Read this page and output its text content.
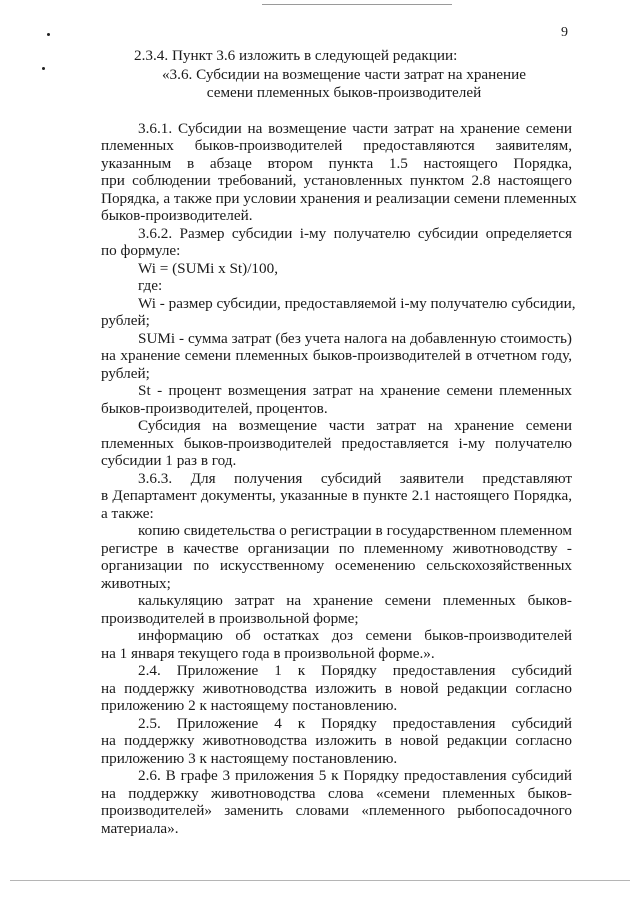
9
2.3.4. Пункт 3.6 изложить в следующей редакции:
«3.6. Субсидии на возмещение части затрат на хранение
семени племенных быков-производителей
3.6.1. Субсидии на возмещение части затрат на хранение семени
племенных быков-производителей предоставляются заявителям,
указанным в абзаце втором пункта 1.5 настоящего Порядка,
при соблюдении требований, установленных пунктом 2.8 настоящего
Порядка, а также при условии хранения и реализации семени племенных
быков-производителей.
3.6.2. Размер субсидии i-му получателю субсидии определяется
по формуле:
Wi = (SUMi x St)/100,
где:
Wi - размер субсидии, предоставляемой i-му получателю субсидии,
рублей;
SUMi - сумма затрат (без учета налога на добавленную стоимость)
на хранение семени племенных быков-производителей в отчетном году,
рублей;
St - процент возмещения затрат на хранение семени племенных
быков-производителей, процентов.
Субсидия на возмещение части затрат на хранение семени
племенных быков-производителей предоставляется i-му получателю
субсидии 1 раз в год.
3.6.3. Для получения субсидий заявители представляют
в Департамент документы, указанные в пункте 2.1 настоящего Порядка,
а также:
копию свидетельства о регистрации в государственном племенном
регистре в качестве организации по племенному животноводству -
организации по искусственному осеменению сельскохозяйственных
животных;
калькуляцию затрат на хранение семени племенных быков-
производителей в произвольной форме;
информацию об остатках доз семени быков-производителей
на 1 января текущего года в произвольной форме.».
2.4. Приложение 1 к Порядку предоставления субсидий
на поддержку животноводства изложить в новой редакции согласно
приложению 2 к настоящему постановлению.
2.5. Приложение 4 к Порядку предоставления субсидий
на поддержку животноводства изложить в новой редакции согласно
приложению 3 к настоящему постановлению.
2.6. В графе 3 приложения 5 к Порядку предоставления субсидий
на поддержку животноводства слова «семени племенных быков-
производителей» заменить словами «племенного рыбопосадочного
материала».
